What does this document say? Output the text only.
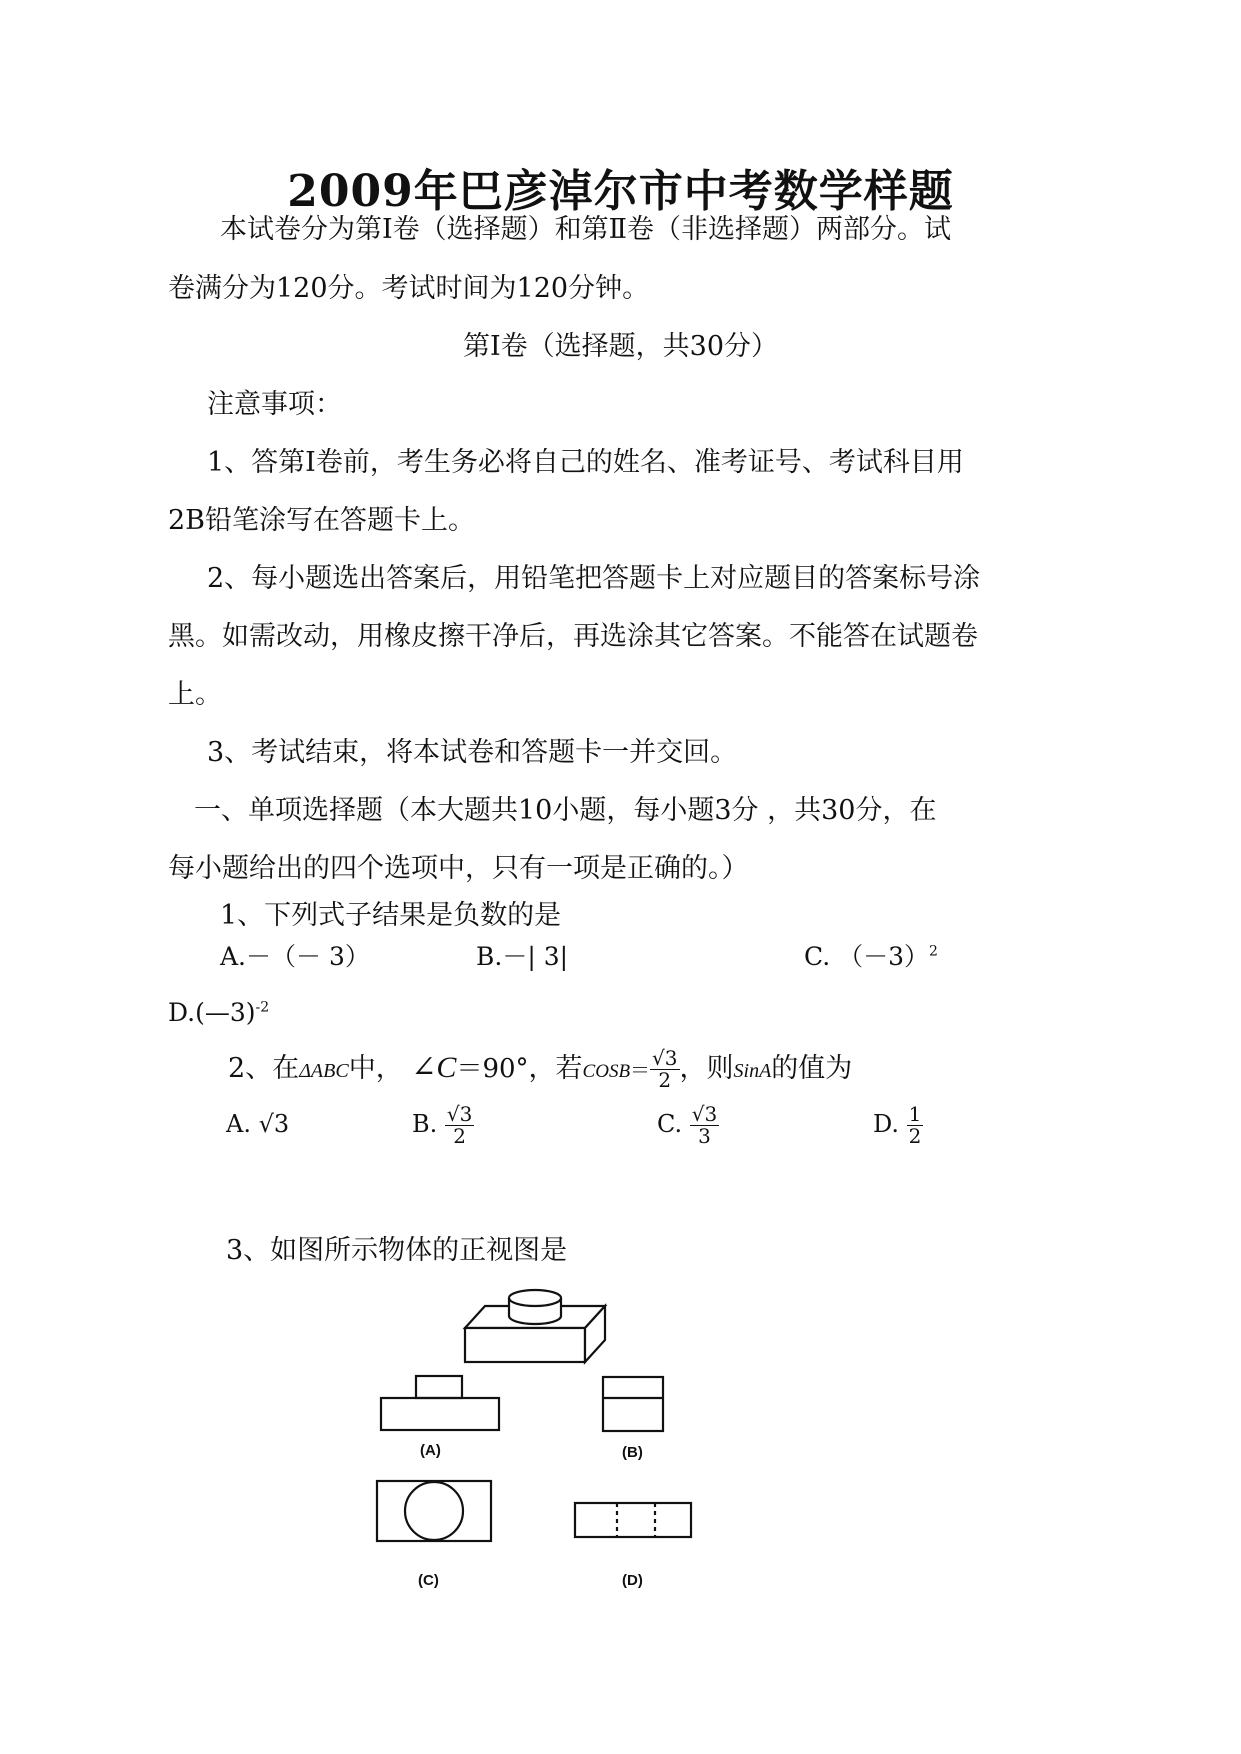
2009年巴彦淖尔市中考数学样题
本试卷分为第Ⅰ卷（选择题）和第Ⅱ卷（非选择题）两部分。试
卷满分为120分。考试时间为120分钟。
第Ⅰ卷（选择题，共30分）
注意事项：
1、答第Ⅰ卷前，考生务必将自己的姓名、准考证号、考试科目用
2B铅笔涂写在答题卡上。
2、每小题选出答案后，用铅笔把答题卡上对应题目的答案标号涂
黑。如需改动，用橡皮擦干净后，再选涂其它答案。不能答在试题卷
上。
3、考试结束，将本试卷和答题卡一并交回。
一、单项选择题（本大题共10小题，每小题3分 ，共30分，在
每小题给出的四个选项中，只有一项是正确的。）
1、下列式子结果是负数的是
A.－（－ 3）	B.－| 3|	C. $(-3)^2$
D.(—3)$^{-2}$
2、在ΔABC中， ∠C＝90°，若COSB＝ $\frac{√3}{2}$ ，则SinA的值为
A. √3	B. $\frac{√3}{2}$	C. $\frac{√3}{3}$	D. $\frac{1}{2}$
3、如图所示物体的正视图是
(A)	(B)
(C)	(D)
